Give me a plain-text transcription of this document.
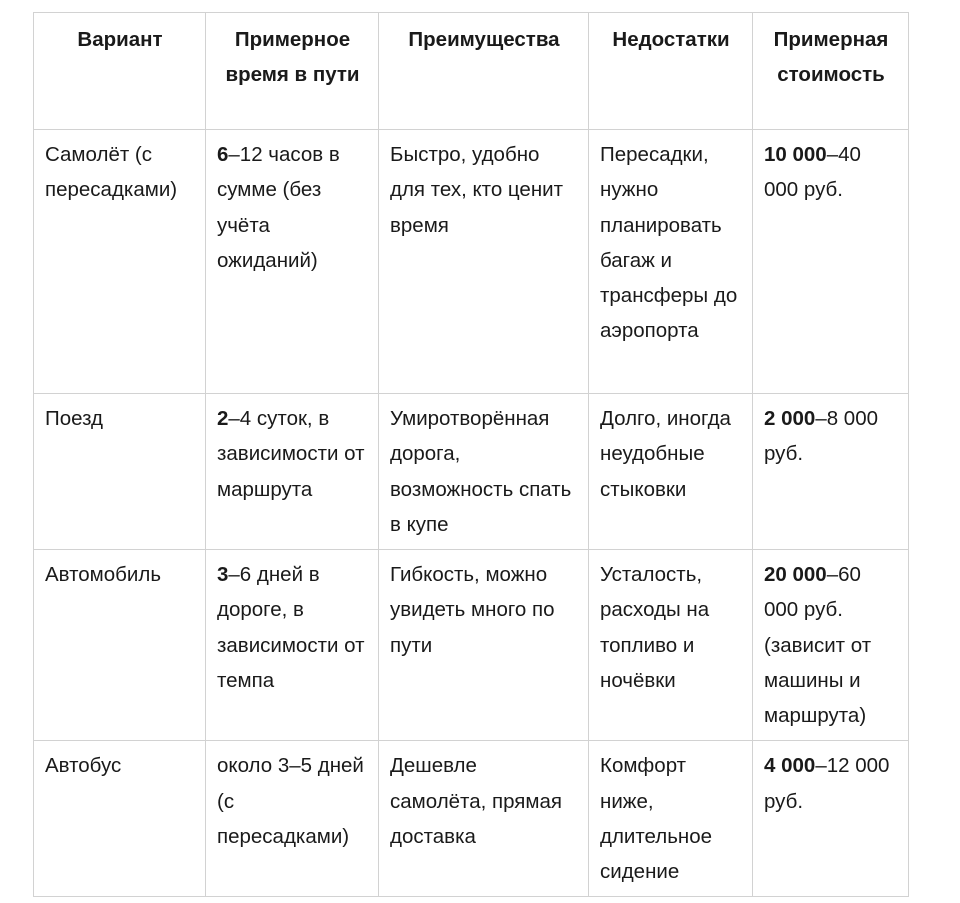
Вариант	Примерное время в пути	Преимущества	Недостатки	Примерная стоимость
Самолёт (с пересадками)	6–12 часов в сумме (без учёта ожиданий)	Быстро, удобно для тех, кто ценит время	Пересадки, нужно планировать багаж и трансферы до аэропорта	10 000–40 000 руб.
Поезд	2–4 суток, в зависимости от маршрута	Умиротворённая дорога, возможность спать в купе	Долго, иногда неудобные стыковки	2 000–8 000 руб.
Автомобиль	3–6 дней в дороге, в зависимости от темпа	Гибкость, можно увидеть много по пути	Усталость, расходы на топливо и ночёвки	20 000–60 000 руб. (зависит от машины и маршрута)
Автобус	около 3–5 дней (с пересадками)	Дешевле самолёта, прямая доставка	Комфорт ниже, длительное сидение	4 000–12 000 руб.
